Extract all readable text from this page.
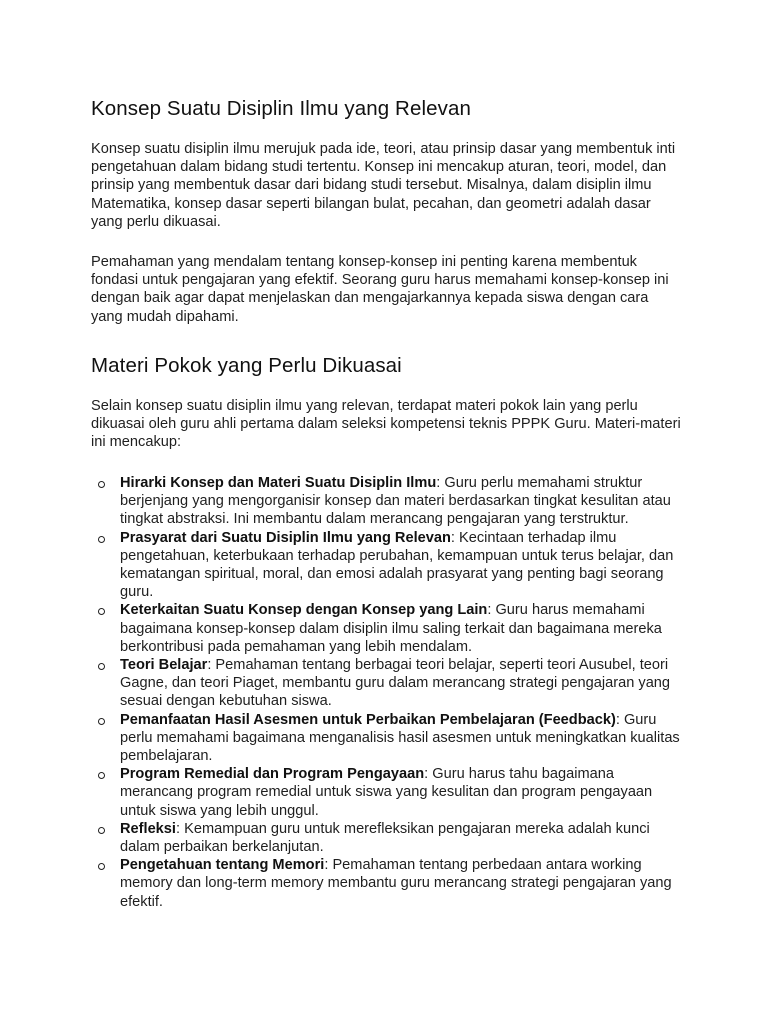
Konsep Suatu Disiplin Ilmu yang Relevan

Konsep suatu disiplin ilmu merujuk pada ide, teori, atau prinsip dasar yang membentuk inti pengetahuan dalam bidang studi tertentu. Konsep ini mencakup aturan, teori, model, dan prinsip yang membentuk dasar dari bidang studi tersebut. Misalnya, dalam disiplin ilmu Matematika, konsep dasar seperti bilangan bulat, pecahan, dan geometri adalah dasar yang perlu dikuasai.

Pemahaman yang mendalam tentang konsep-konsep ini penting karena membentuk fondasi untuk pengajaran yang efektif. Seorang guru harus memahami konsep-konsep ini dengan baik agar dapat menjelaskan dan mengajarkannya kepada siswa dengan cara yang mudah dipahami.

Materi Pokok yang Perlu Dikuasai

Selain konsep suatu disiplin ilmu yang relevan, terdapat materi pokok lain yang perlu dikuasai oleh guru ahli pertama dalam seleksi kompetensi teknis PPPK Guru. Materi-materi ini mencakup:

Hirarki Konsep dan Materi Suatu Disiplin Ilmu: Guru perlu memahami struktur berjenjang yang mengorganisir konsep dan materi berdasarkan tingkat kesulitan atau tingkat abstraksi. Ini membantu dalam merancang pengajaran yang terstruktur.
Prasyarat dari Suatu Disiplin Ilmu yang Relevan: Kecintaan terhadap ilmu pengetahuan, keterbukaan terhadap perubahan, kemampuan untuk terus belajar, dan kematangan spiritual, moral, dan emosi adalah prasyarat yang penting bagi seorang guru.
Keterkaitan Suatu Konsep dengan Konsep yang Lain: Guru harus memahami bagaimana konsep-konsep dalam disiplin ilmu saling terkait dan bagaimana mereka berkontribusi pada pemahaman yang lebih mendalam.
Teori Belajar: Pemahaman tentang berbagai teori belajar, seperti teori Ausubel, teori Gagne, dan teori Piaget, membantu guru dalam merancang strategi pengajaran yang sesuai dengan kebutuhan siswa.
Pemanfaatan Hasil Asesmen untuk Perbaikan Pembelajaran (Feedback): Guru perlu memahami bagaimana menganalisis hasil asesmen untuk meningkatkan kualitas pembelajaran.
Program Remedial dan Program Pengayaan: Guru harus tahu bagaimana merancang program remedial untuk siswa yang kesulitan dan program pengayaan untuk siswa yang lebih unggul.
Refleksi: Kemampuan guru untuk merefleksikan pengajaran mereka adalah kunci dalam perbaikan berkelanjutan.
Pengetahuan tentang Memori: Pemahaman tentang perbedaan antara working memory dan long-term memory membantu guru merancang strategi pengajaran yang efektif.
